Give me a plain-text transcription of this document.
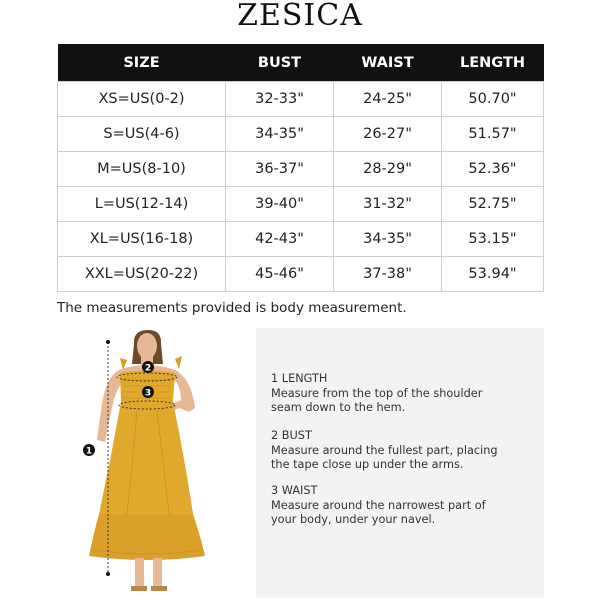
ZESICA
SIZE	BUST	WAIST	LENGTH
XS=US(0-2)	32-33"	24-25"	50.70"
S=US(4-6)	34-35"	26-27"	51.57"
M=US(8-10)	36-37"	28-29"	52.36"
L=US(12-14)	39-40"	31-32"	52.75"
XL=US(16-18)	42-43"	34-35"	53.15"
XXL=US(20-22)	45-46"	37-38"	53.94"
The measurements provided is body measurement.
1
2
3
1 LENGTH
Measure from the top of the shoulder
seam down to the hem.
2 BUST
Measure around the fullest part, placing
the tape close up under the arms.
3 WAIST
Measure around the narrowest part of
your body, under your navel.
